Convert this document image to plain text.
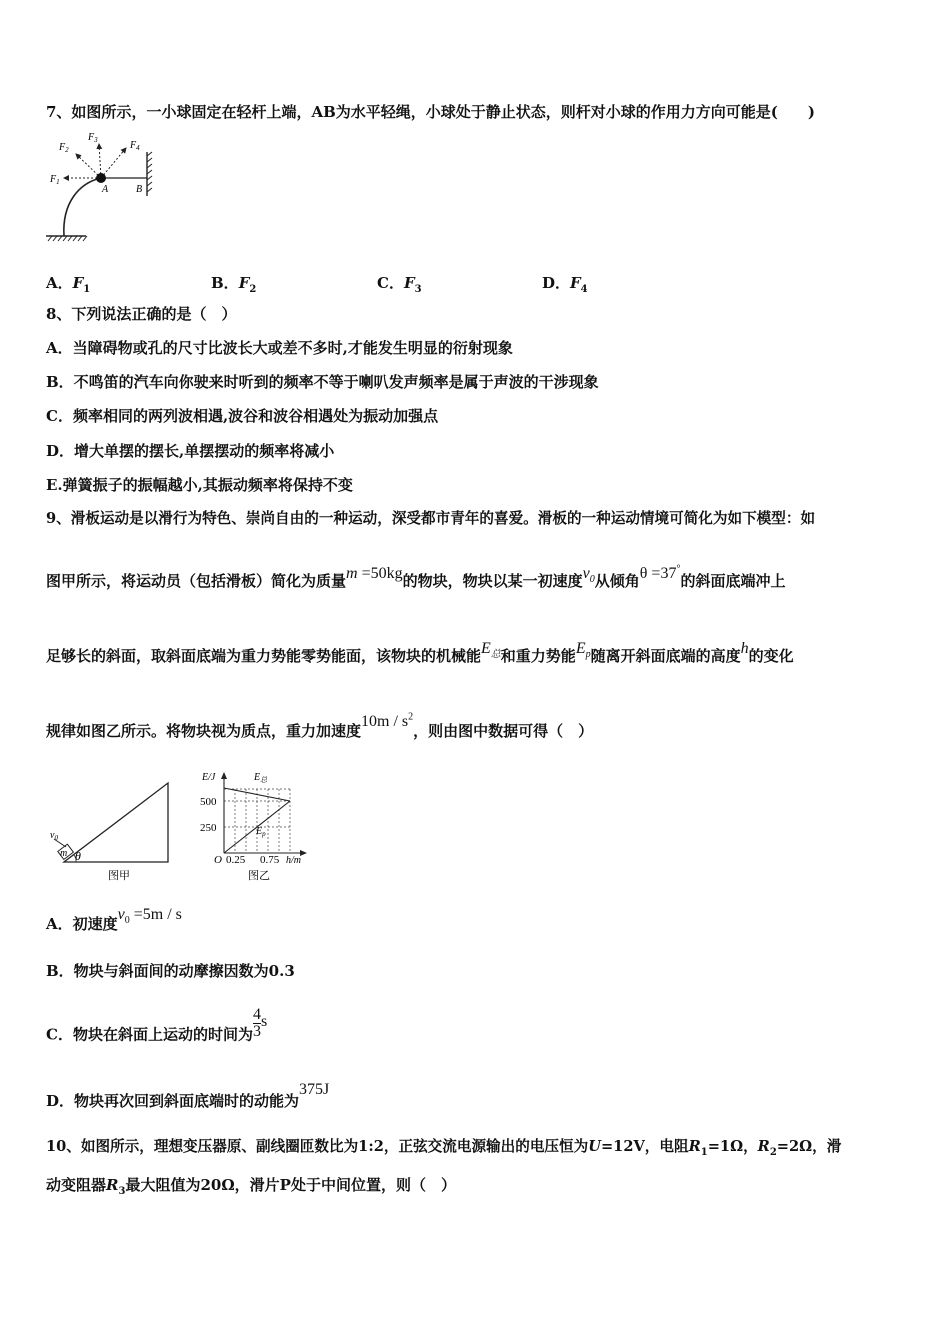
7、如图所示，一小球固定在轻杆上端，AB为水平轻绳，小球处于静止状态，则杆对小球的作用力方向可能是(　　)
$F_1$
$F_2$
$F_3$	$F_4$
A	B
A．$F_1$	B．$F_2$	C．$F_3$	D．$F_4$
8、下列说法正确的是（　）
A．当障碍物或孔的尺寸比波长大或差不多时,才能发生明显的衍射现象
B．不鸣笛的汽车向你驶来时听到的频率不等于喇叭发声频率是属于声波的干涉现象
C．频率相同的两列波相遇,波谷和波谷相遇处为振动加强点
D．增大单摆的摆长,单摆摆动的频率将减小
E.弹簧振子的振幅越小,其振动频率将保持不变
9、滑板运动是以滑行为特色、崇尚自由的一种运动，深受都市青年的喜爱。滑板的一种运动情境可简化为如下模型：如
图甲所示，将运动员（包括滑板）简化为质量m =50kg的物块，物块以某一初速度$v_0$从倾角θ =37°的斜面底端冲上
足够长的斜面，取斜面底端为重力势能零势能面，该物块的机械能$E_总$和重力势能$E_p$随离开斜面底端的高度h的变化
规律如图乙所示。将物块视为质点，重力加速度$10m / s^2$，则由图中数据可得（　）
$v_0$
m θ
图甲
E/J	$E_总$
$E_p$
500
250
O 0.25 0.75 h/m
图乙
A．初速度$v_0 =5m / s$
B．物块与斜面间的动摩擦因数为0.3
C．物块在斜面上运动的时间为 $\frac{4}{3}$ s
D．物块再次回到斜面底端时的动能为375J
10、如图所示，理想变压器原、副线圈匝数比为1:2，正弦交流电源输出的电压恒为U=12V，电阻$R_1=1\Omega$，$R_2=2\Omega$，滑
动变阻器$R_3$最大阻值为20Ω，滑片P处于中间位置，则（　）
